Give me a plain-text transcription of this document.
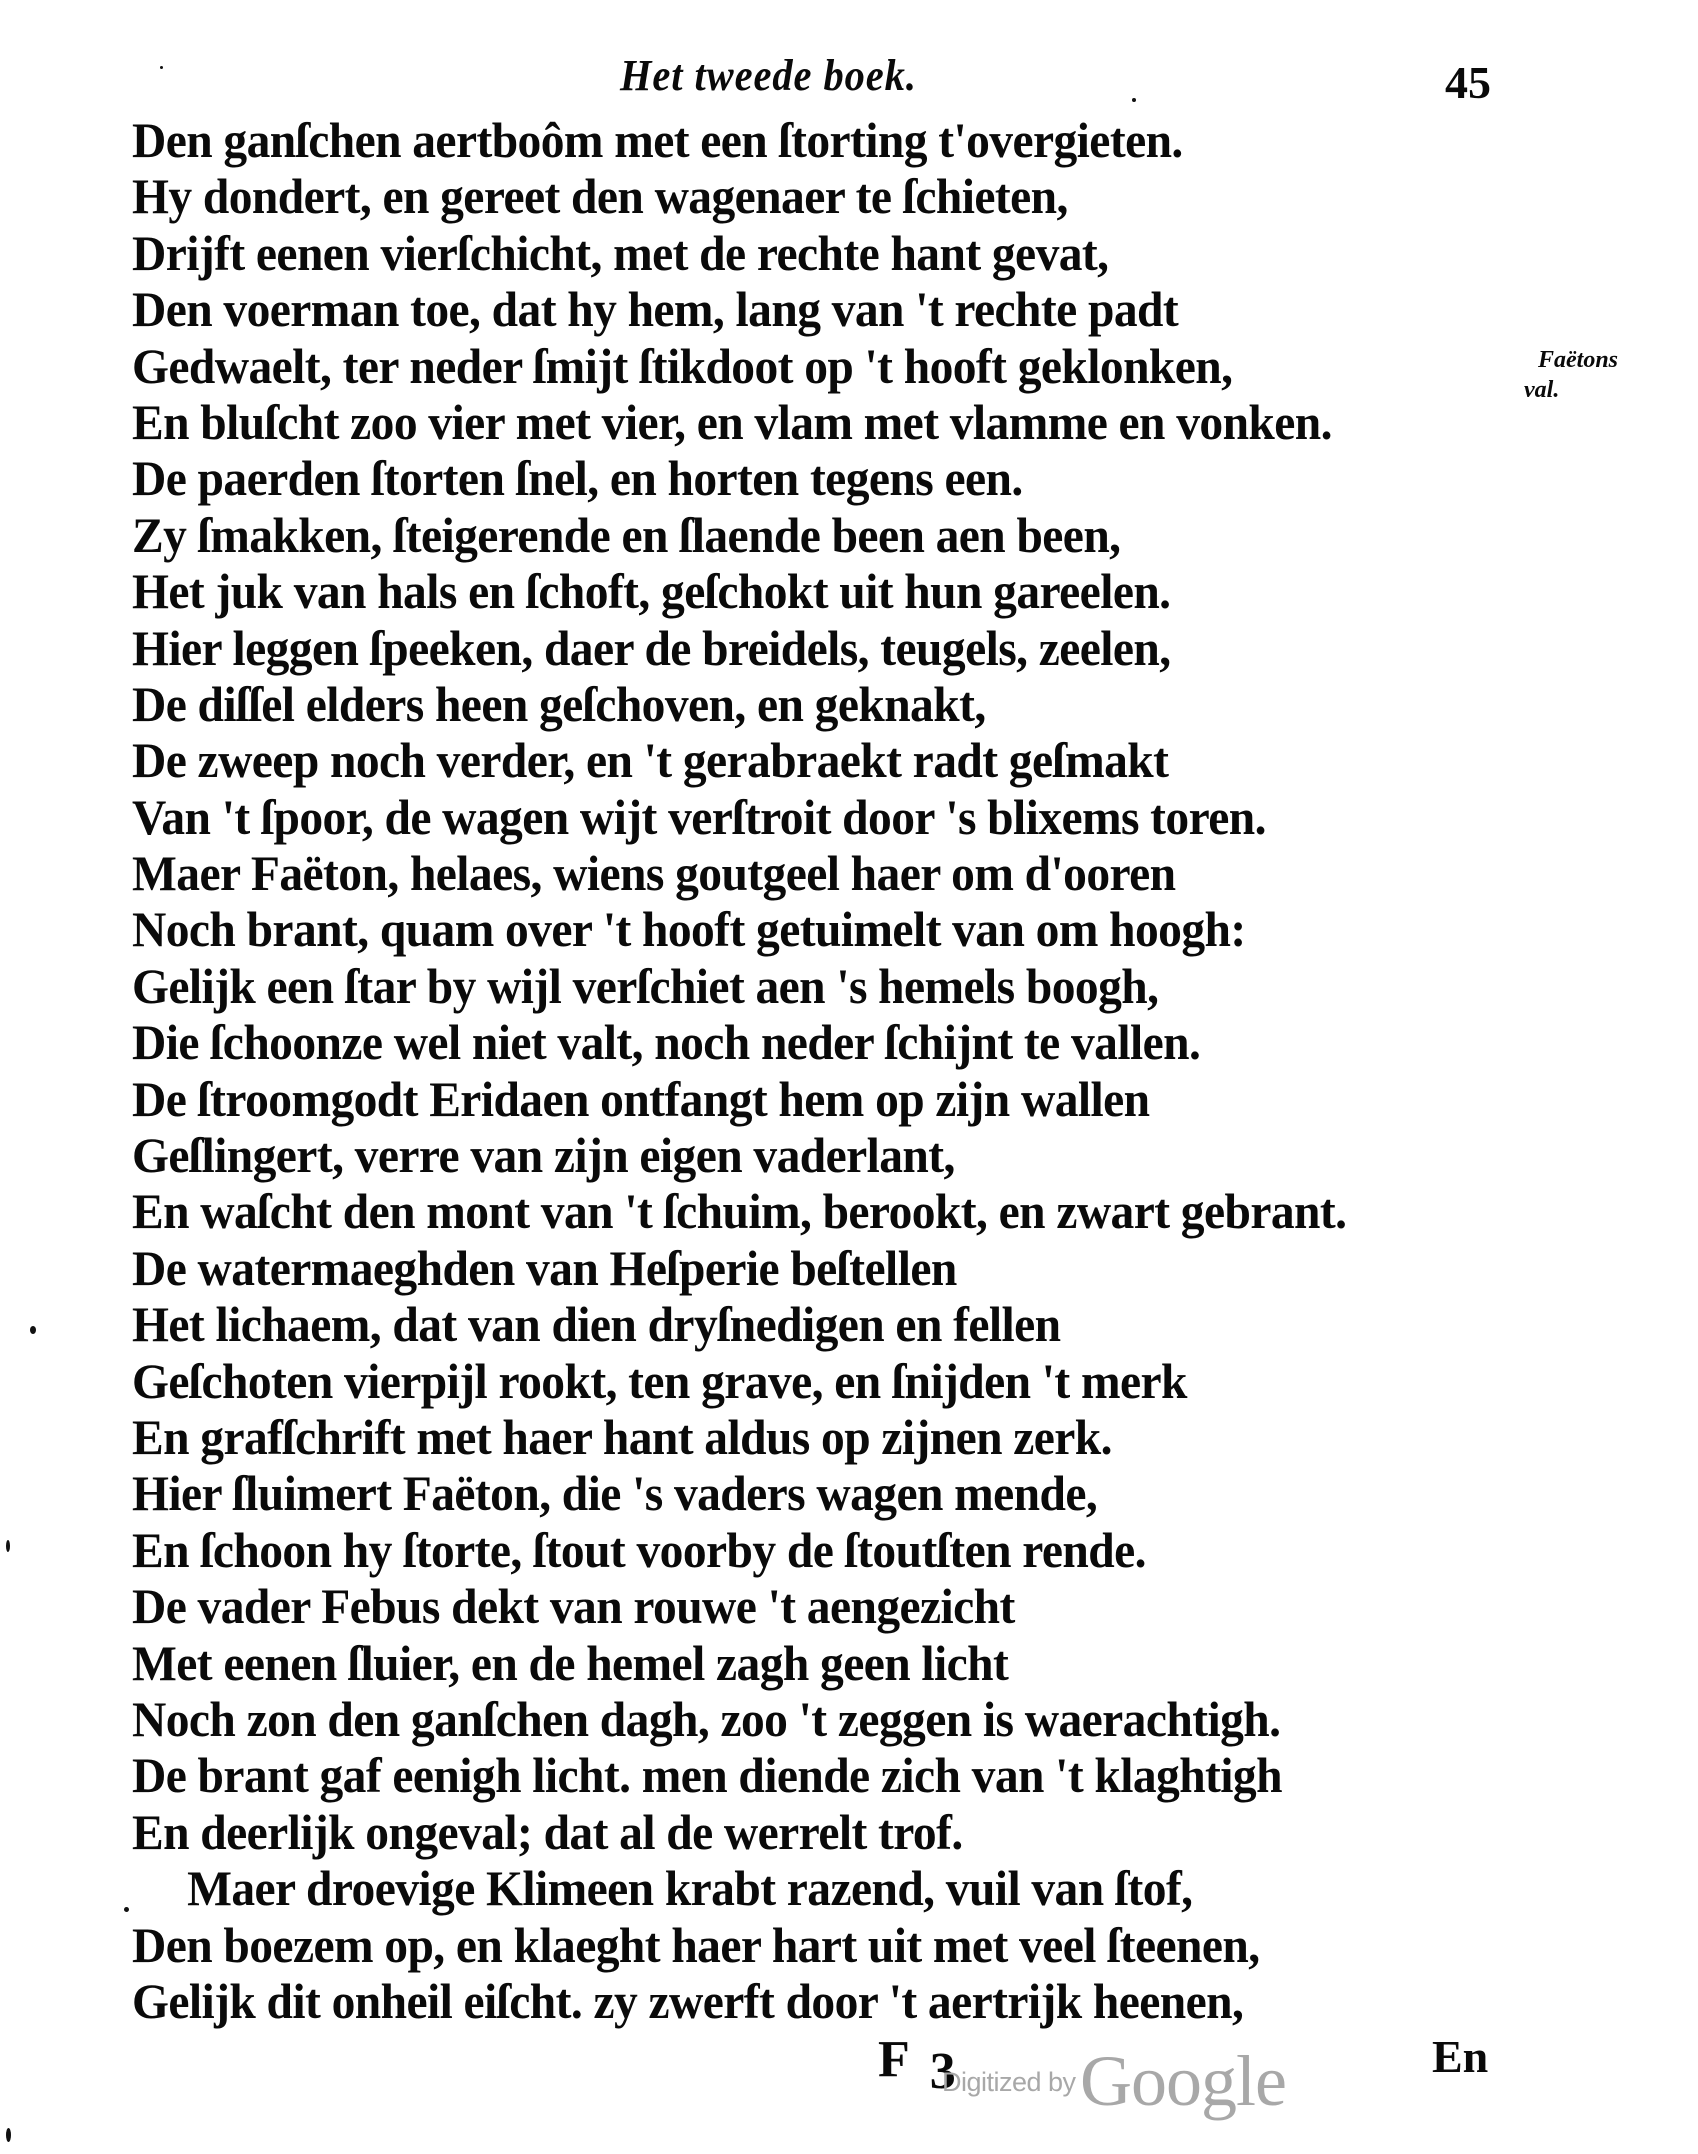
Het tweede boek.	45
Den ganſchen aertboôm met een ſtorting t'overgieten.
Hy dondert, en gereet den wagenaer te ſchieten,
Drijft eenen vierſchicht, met de rechte hant gevat,
Den voerman toe, dat hy hem, lang van 't rechte padt
Gedwaelt, ter neder ſmijt ſtikdoot op 't hooft geklonken,
En bluſcht zoo vier met vier, en vlam met vlamme en vonken.
De paerden ſtorten ſnel, en horten tegens een.
Zy ſmakken, ſteigerende en ſlaende been aen been,
Het juk van hals en ſchoft, geſchokt uit hun gareelen.
Hier leggen ſpeeken, daer de breidels, teugels, zeelen,
De diſſel elders heen geſchoven, en geknakt,
De zweep noch verder, en 't gerabraekt radt geſmakt
Van 't ſpoor, de wagen wijt verſtroit door 's blixems toren.
Maer Faëton, helaes, wiens goutgeel haer om d'ooren
Noch brant, quam over 't hooft getuimelt van om hoogh:
Gelijk een ſtar by wijl verſchiet aen 's hemels boogh,
Die ſchoonze wel niet valt, noch neder ſchijnt te vallen.
De ſtroomgodt Eridaen ontfangt hem op zijn wallen
Geſlingert, verre van zijn eigen vaderlant,
En waſcht den mont van 't ſchuim, berookt, en zwart gebrant.
De watermaeghden van Heſperie beſtellen
Het lichaem, dat van dien dryſnedigen en fellen
Geſchoten vierpijl rookt, ten grave, en ſnijden 't merk
En grafſchrift met haer hant aldus op zijnen zerk.
Hier ſluimert Faëton, die 's vaders wagen mende,
En ſchoon hy ſtorte, ſtout voorby de ſtoutſten rende.
De vader Febus dekt van rouwe 't aengezicht
Met eenen ſluier, en de hemel zagh geen licht
Noch zon den ganſchen dagh, zoo 't zeggen is waerachtigh.
De brant gaf eenigh licht. men diende zich van 't klaghtigh
En deerlijk ongeval; dat al de werrelt trof.
Maer droevige Klimeen krabt razend, vuil van ſtof,
Den boezem op, en klaeght haer hart uit met veel ſteenen,
Gelijk dit onheil eiſcht. zy zwerft door 't aertrijk heenen,
Faëtons
val.
F 3
Digitized by Google	En
